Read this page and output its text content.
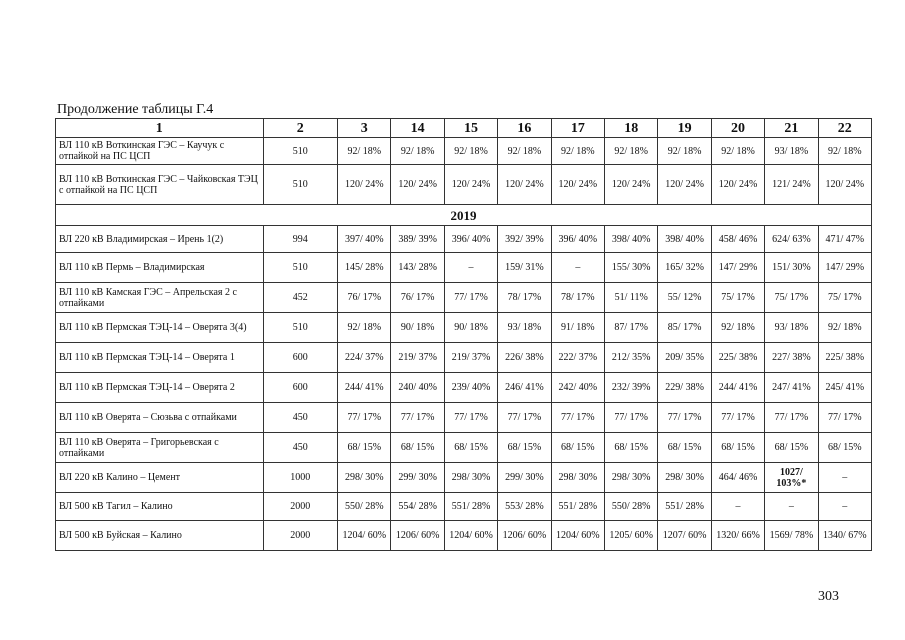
Продолжение таблицы Г.4
1	2	3	14	15	16	17	18	19	20	21	22
ВЛ 110 кВ Воткинская ГЭС – Каучук с отпайкой на ПС ЦСП	510	92/ 18%	92/ 18%	92/ 18%	92/ 18%	92/ 18%	92/ 18%	92/ 18%	92/ 18%	93/ 18%	92/ 18%
ВЛ 110 кВ Воткинская ГЭС – Чайковская ТЭЦ с отпайкой на ПС ЦСП	510	120/ 24%	120/ 24%	120/ 24%	120/ 24%	120/ 24%	120/ 24%	120/ 24%	120/ 24%	121/ 24%	120/ 24%
2019											
ВЛ 220 кВ Владимирская – Ирень 1(2)	994	397/ 40%	389/ 39%	396/ 40%	392/ 39%	396/ 40%	398/ 40%	398/ 40%	458/ 46%	624/ 63%	471/ 47%
ВЛ 110 кВ Пермь – Владимирская	510	145/ 28%	143/ 28%	–	159/ 31%	–	155/ 30%	165/ 32%	147/ 29%	151/ 30%	147/ 29%
ВЛ 110 кВ Камская ГЭС – Апрельская 2 с отпайками	452	76/ 17%	76/ 17%	77/ 17%	78/ 17%	78/ 17%	51/ 11%	55/ 12%	75/ 17%	75/ 17%	75/ 17%
ВЛ 110 кВ Пермская ТЭЦ-14 – Оверята 3(4)	510	92/ 18%	90/ 18%	90/ 18%	93/ 18%	91/ 18%	87/ 17%	85/ 17%	92/ 18%	93/ 18%	92/ 18%
ВЛ 110 кВ Пермская ТЭЦ-14 – Оверята 1	600	224/ 37%	219/ 37%	219/ 37%	226/ 38%	222/ 37%	212/ 35%	209/ 35%	225/ 38%	227/ 38%	225/ 38%
ВЛ 110 кВ Пермская ТЭЦ-14 – Оверята 2	600	244/ 41%	240/ 40%	239/ 40%	246/ 41%	242/ 40%	232/ 39%	229/ 38%	244/ 41%	247/ 41%	245/ 41%
ВЛ 110 кВ Оверята – Сюзьва с отпайками	450	77/ 17%	77/ 17%	77/ 17%	77/ 17%	77/ 17%	77/ 17%	77/ 17%	77/ 17%	77/ 17%	77/ 17%
ВЛ 110 кВ Оверята – Григорьевская с отпайками	450	68/ 15%	68/ 15%	68/ 15%	68/ 15%	68/ 15%	68/ 15%	68/ 15%	68/ 15%	68/ 15%	68/ 15%
ВЛ 220 кВ Калино – Цемент	1000	298/ 30%	299/ 30%	298/ 30%	299/ 30%	298/ 30%	298/ 30%	298/ 30%	464/ 46%	1027/ 103%*	–
ВЛ 500 кВ Тагил – Калино	2000	550/ 28%	554/ 28%	551/ 28%	553/ 28%	551/ 28%	550/ 28%	551/ 28%	–	–	–
ВЛ 500 кВ Буйская – Калино	2000	1204/ 60%	1206/ 60%	1204/ 60%	1206/ 60%	1204/ 60%	1205/ 60%	1207/ 60%	1320/ 66%	1569/ 78%	1340/ 67%
303
